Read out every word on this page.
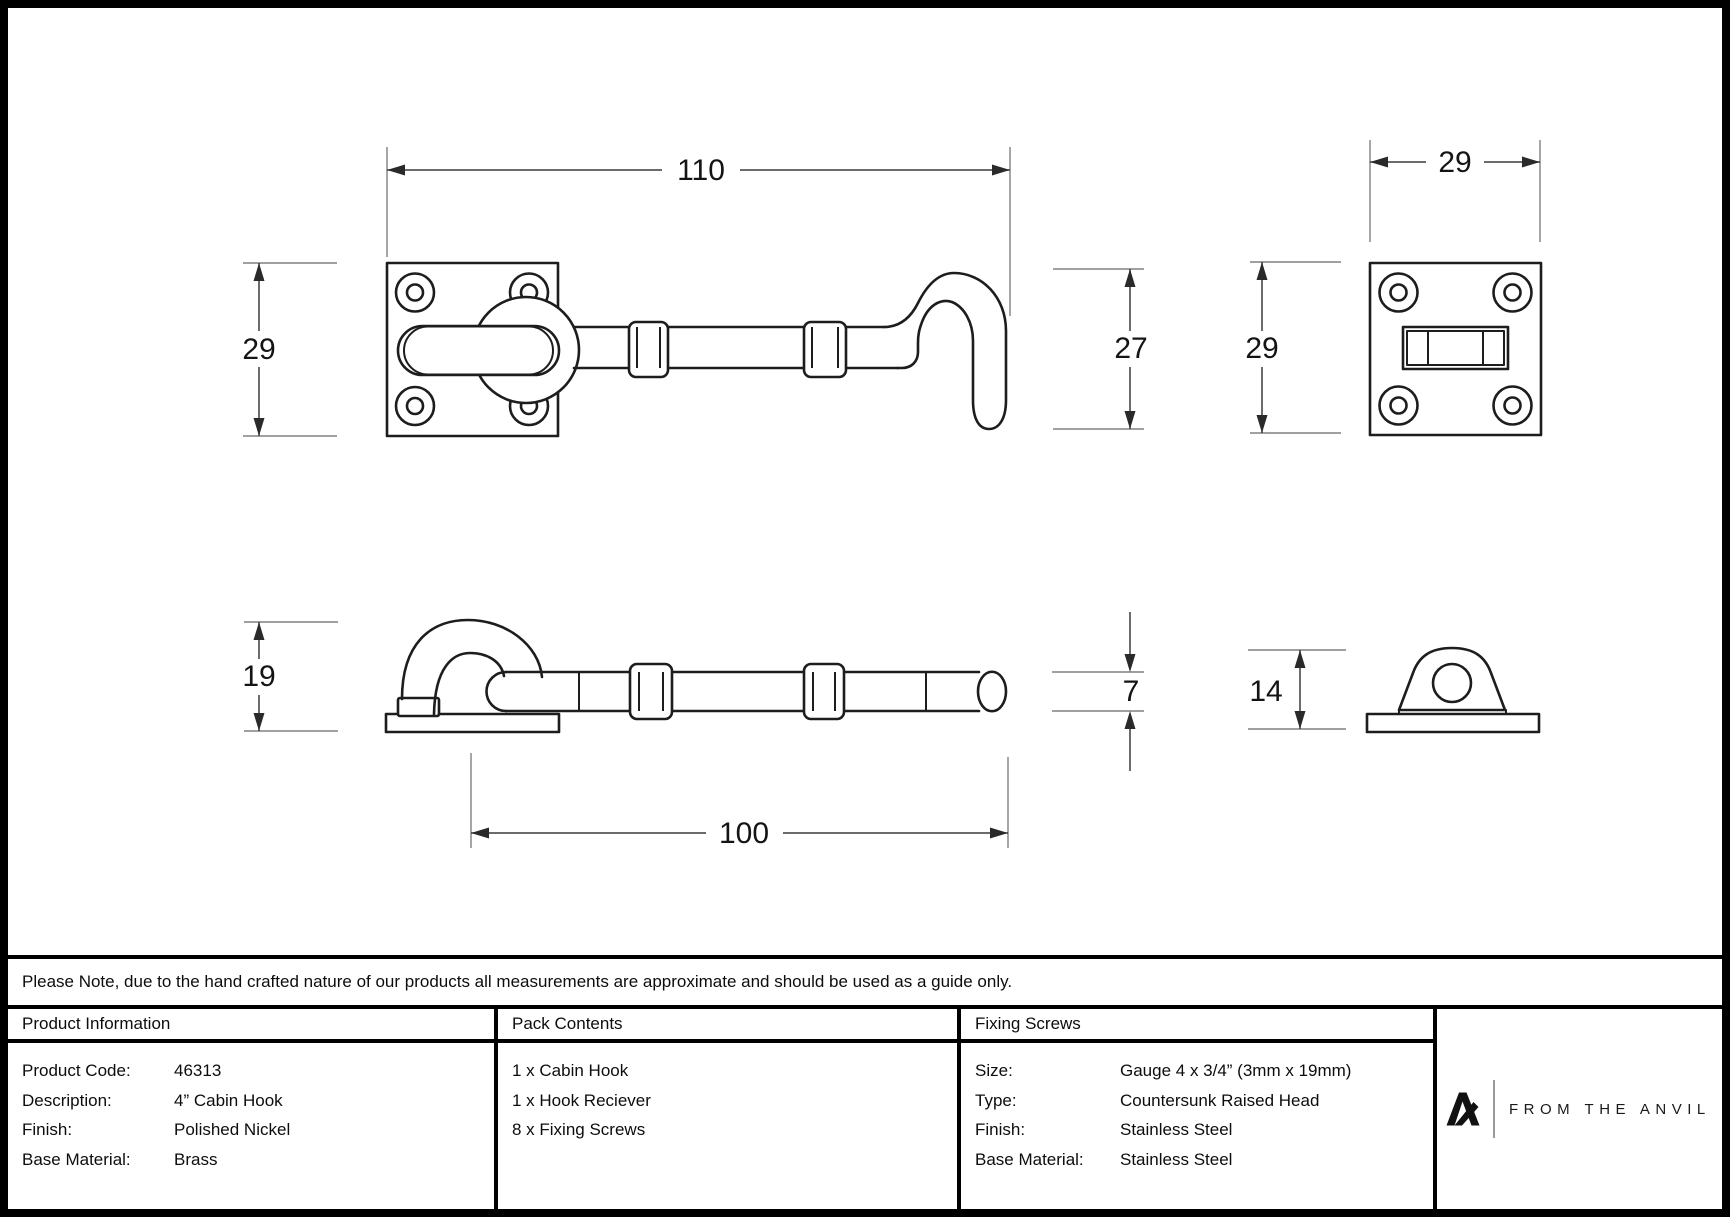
110
29	27	29
29
19
100
7	14
Please Note, due to the hand crafted nature of our products all measurements are approximate and should be used as a guide only.
Product Information
Product Code:	46313
Description:	4” Cabin Hook
Finish:	Polished Nickel
Base Material:	Brass
Pack Contents
1 x Cabin Hook
1 x Hook Reciever
8 x Fixing Screws
Fixing Screws
Size:	Gauge 4 x 3/4” (3mm x 19mm)
Type:	Countersunk Raised Head
Finish:	Stainless Steel
Base Material:	Stainless Steel
FROM THE ANVIL
